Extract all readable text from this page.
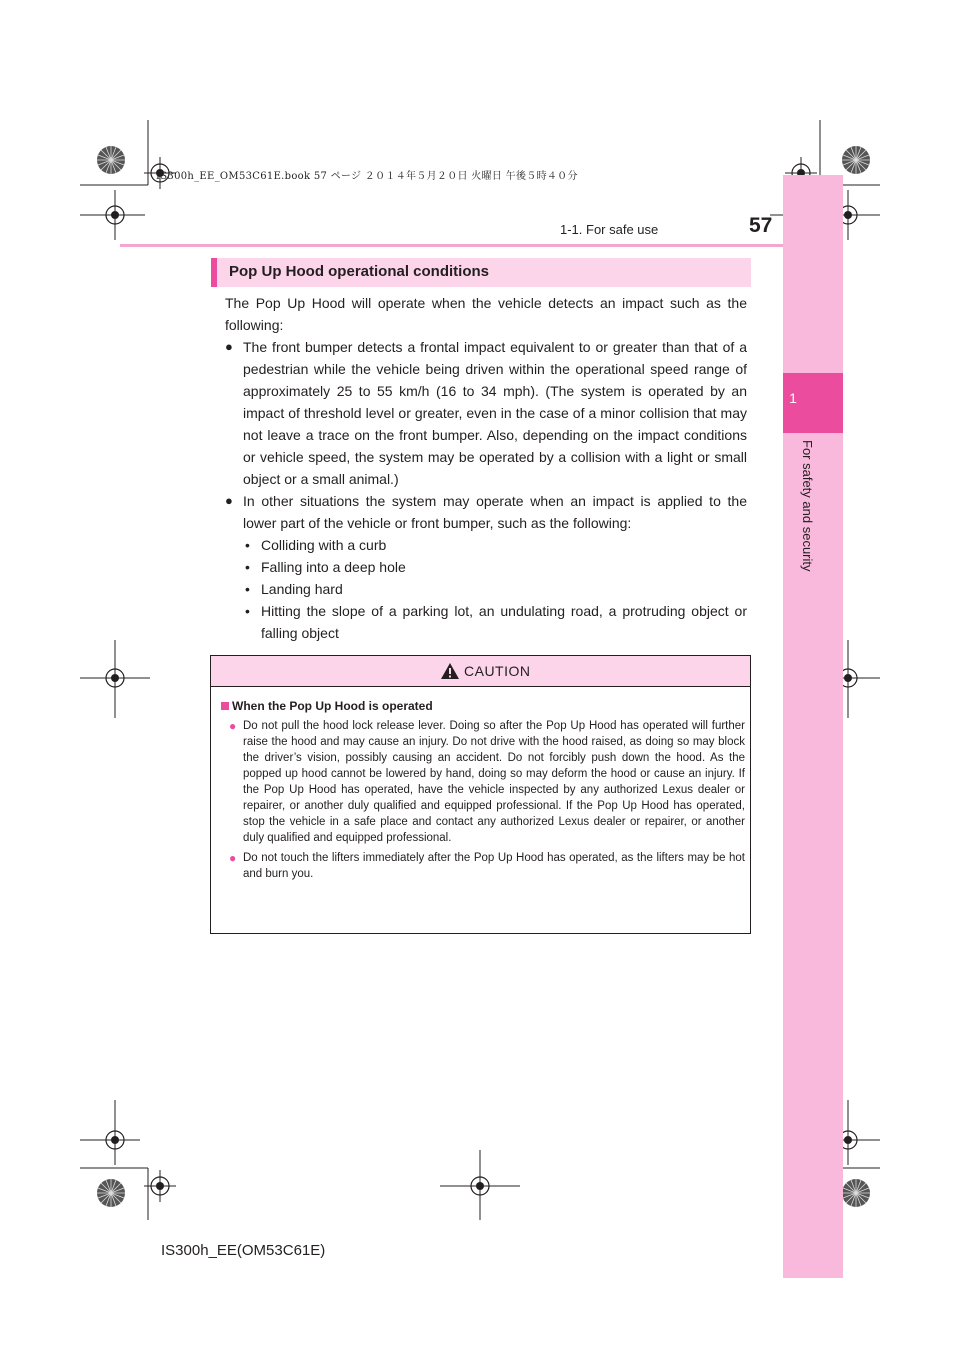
IS300h_EE_OM53C61E.book 57 ページ ２０１４年５月２０日 火曜日 午後５時４０分
1
For safety and security
1-1. For safe use	57
Pop Up Hood operational conditions

The Pop Up Hood will operate when the vehicle detects an impact such as the following:

● The front bumper detects a frontal impact equivalent to or greater than that of a pedestrian while the vehicle being driven within the operational speed range of approximately 25 to 55 km/h (16 to 34 mph). (The system is operated by an impact of threshold level or greater, even in the case of a minor collision that may not leave a trace on the front bumper. Also, depending on the impact conditions or vehicle speed, the system may be operated by a collision with a light or small object or a small animal.)
● In other situations the system may operate when an impact is applied to the lower part of the vehicle or front bumper, such as the following:
• Colliding with a curb
• Falling into a deep hole
• Landing hard
• Hitting the slope of a parking lot, an undulating road, a protruding object or falling object
CAUTION
When the Pop Up Hood is operated
● Do not pull the hood lock release lever. Doing so after the Pop Up Hood has operated will further raise the hood and may cause an injury. Do not drive with the hood raised, as doing so may block the driver’s vision, possibly causing an accident. Do not forcibly push down the hood. As the popped up hood cannot be lowered by hand, doing so may deform the hood or cause an injury. If the Pop Up Hood has operated, have the vehicle inspected by any authorized Lexus dealer or repairer, or another duly qualified and equipped professional. If the Pop Up Hood has operated, stop the vehicle in a safe place and contact any authorized Lexus dealer or repairer, or another duly qualified and equipped professional.
● Do not touch the lifters immediately after the Pop Up Hood has operated, as the lifters may be hot and burn you.
IS300h_EE(OM53C61E)
